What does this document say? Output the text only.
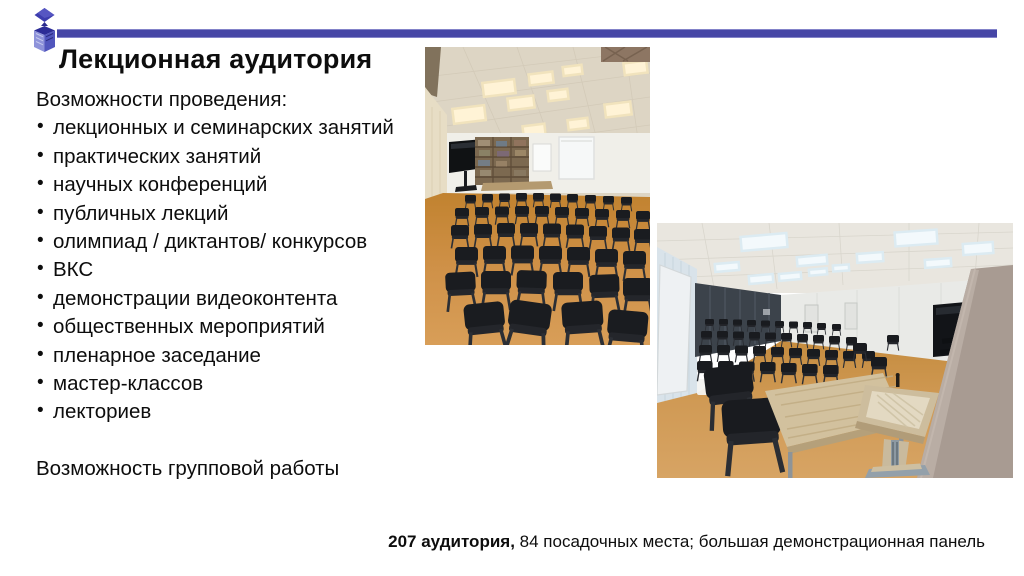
Лекционная аудитория

Возможности проведения:

• лекционных и семинарских занятий
• практических занятий
• научных конференций
• публичных лекций
• олимпиад / диктантов/ конкурсов
• ВКС
• демонстрации видеоконтента
• общественных мероприятий
• пленарное заседание
• мастер-классов
• лекториев

Возможность групповой работы

207 аудитория, 84 посадочных места; большая демонстрационная панель
